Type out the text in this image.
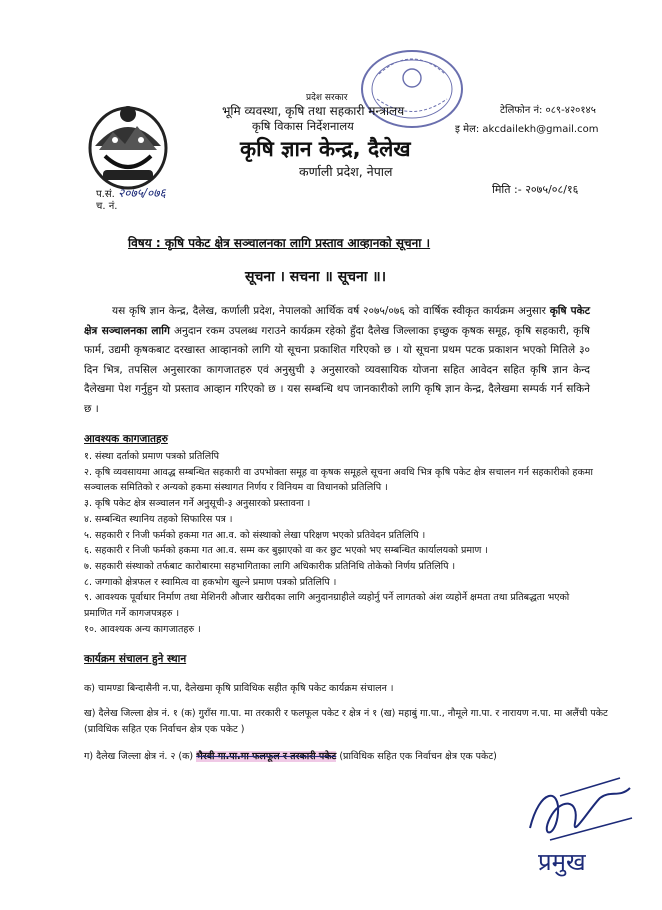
प्रदेश सरकार
भूमि व्यवस्था, कृषि तथा सहकारी मन्त्रालय
कृषि विकास निर्देशनालय
कृषि ज्ञान केन्द्र, दैलेख
कर्णाली प्रदेश, नेपाल
टेलिफोन नं: ०८९-४२०१४५
इ मेल: akcdailekh@gmail.com
मिति :- २०७५/०८/१६
प.सं. २०७५/०७६
च. नं.
विषय : कृषि पकेट क्षेत्र सञ्चालनका लागि प्रस्ताव आव्हानको सूचना ।
सूचना । सचना ॥ सूचना ॥।

यस कृषि ज्ञान केन्द्र, दैलेख, कर्णाली प्रदेश, नेपालको आर्थिक वर्ष २०७५/०७६ को वार्षिक स्वीकृत कार्यक्रम अनुसार कृषि पकेट क्षेत्र सञ्चालनका लागि अनुदान रकम उपलब्ध गराउने कार्यक्रम रहेको हुँदा दैलेख जिल्लाका इच्छुक कृषक समूह, कृषि सहकारी, कृषि फार्म, उद्यमी कृषकबाट दरखास्त आव्हानको लागि यो सूचना प्रकाशित गरिएको छ । यो सूचना प्रथम पटक प्रकाशन भएको मितिले ३० दिन भित्र, तपसिल अनुसारका कागजातहरु एवं अनुसुची ३ अनुसारको व्यवसायिक योजना सहित आवेदन सहित कृषि ज्ञान केन्द दैलेखमा पेश गर्नुहुन यो प्रस्ताव आव्हान गरिएको छ । यस सम्बन्धि थप जानकारीको लागि कृषि ज्ञान केन्द्र, दैलेखमा सम्पर्क गर्न सकिने छ ।

आवश्यक कागजातहरु
१. संस्था दर्ताको प्रमाण पत्रको प्रतिलिपि
२. कृषि व्यवसायमा आवद्ध सम्बन्धित सहकारी वा उपभोक्ता समूह वा कृषक समूहले सूचना अवधि भित्र कृषि पकेट क्षेत्र सचालन गर्न सहकारीको हकमा सञ्चालक समितिको र अन्यको हकमा संस्थागत निर्णय र विनियम वा विधानको प्रतिलिपि ।
३. कृषि पकेट क्षेत्र सञ्चालन गर्ने अनुसूची-३ अनुसारको प्रस्तावना ।
४. सम्बन्धित स्थानिय तहको सिफारिस पत्र ।
५. सहकारी र निजी फर्मको हकमा गत आ.व. को संस्थाको लेखा परिक्षण भएको प्रतिवेदन प्रतिलिपि ।
६. सहकारी र निजी फर्मको हकमा गत आ.व. सम्म कर बुझाएको वा कर छुट भएको भए सम्बन्धित कार्यालयको प्रमाण ।
७. सहकारी संस्थाको तर्फबाट कारोबारमा सहभागिताका लागि अधिकारीक प्रतिनिधि तोकेको निर्णय प्रतिलिपि ।
८. जग्गाको क्षेत्रफल र स्वामित्व वा हकभोग खुल्ने प्रमाण पत्रको प्रतिलिपि ।
९. आवश्यक पूर्वाधार निर्माण तथा मेशिनरी औजार खरीदका लागि अनुदानग्राहीले व्यहोर्नु पर्ने लागतको अंश व्यहोर्ने क्षमता तथा प्रतिबद्धता भएको प्रमाणित गर्ने कागजपत्रहरु ।
१०. आवश्यक अन्य कागजातहरु ।
कार्यक्रम संचालन हुने स्थान
क) चामण्डा बिन्दासैनी न.पा, दैलेखमा कृषि प्राविधिक सहीत कृषि पकेट कार्यक्रम संचालन ।
ख) दैलेख जिल्ला क्षेत्र नं. १ (क) गुराँस गा.पा. मा तरकारी र फलफूल पकेट र क्षेत्र नं १ (ख) महाबुं गा.पा., नौमूले गा.पा. र नारायण न.पा. मा अलैंची पकेट (प्राविधिक सहित एक निर्वाचन क्षेत्र एक पकेट )
ग) दैलेख जिल्ला क्षेत्र नं. २ (क) भैरवी गा.पा.मा फलफूल र तरकारी पकेट (प्राविधिक सहित एक निर्वाचन क्षेत्र एक पकेट)
प्रमुख
